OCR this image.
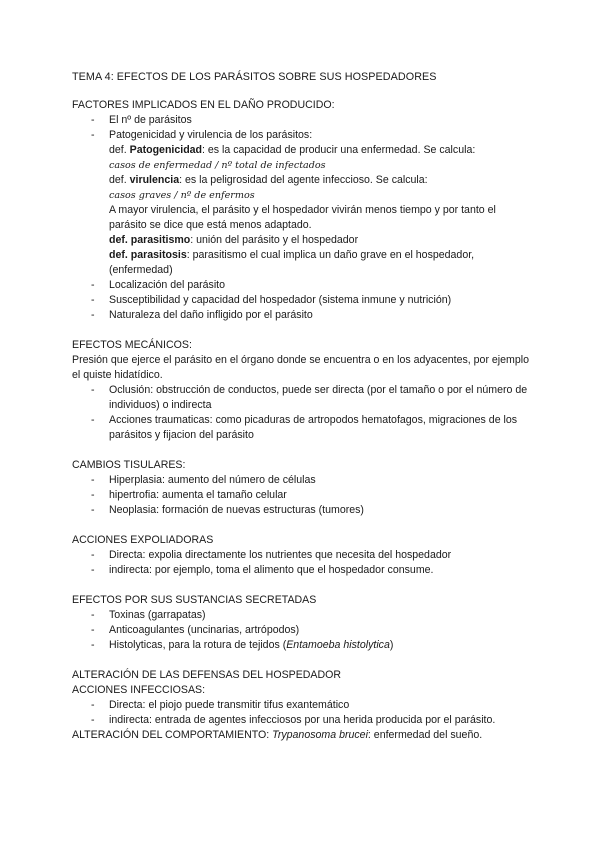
TEMA 4: EFECTOS DE LOS PARÁSITOS SOBRE SUS HOSPEDADORES

FACTORES IMPLICADOS EN EL DAÑO PRODUCIDO:

- El nº de parásitos
- Patogenicidad y virulencia de los parásitos:
def. Patogenicidad: es la capacidad de producir una enfermedad. Se calcula:
casos de enfermedad / nº total de infectados
def. virulencia: es la peligrosidad del agente infeccioso. Se calcula:
casos graves / nº de enfermos
A mayor virulencia, el parásito y el hospedador vivirán menos tiempo y por tanto el parásito se dice que está menos adaptado.
def. parasitismo: unión del parásito y el hospedador
def. parasitosis: parasitismo el cual implica un daño grave en el hospedador, (enfermedad)
- Localización del parásito
- Susceptibilidad y capacidad del hospedador (sistema inmune y nutrición)
- Naturaleza del daño infligido por el parásito

EFECTOS MECÁNICOS:

Presión que ejerce el parásito en el órgano donde se encuentra o en los adyacentes, por ejemplo el quiste hidatídico.

- Oclusión: obstrucción de conductos, puede ser directa (por el tamaño o por el número de individuos) o indirecta
- Acciones traumaticas: como picaduras de artropodos hematofagos, migraciones de los parásitos y fijacion del parásito

CAMBIOS TISULARES:

- Hiperplasia: aumento del número de células
- hipertrofia: aumenta el tamaño celular
- Neoplasia: formación de nuevas estructuras (tumores)

ACCIONES EXPOLIADORAS

- Directa: expolia directamente los nutrientes que necesita del hospedador
- indirecta: por ejemplo, toma el alimento que el hospedador consume.

EFECTOS POR SUS SUSTANCIAS SECRETADAS

- Toxinas (garrapatas)
- Anticoagulantes (uncinarias, artrópodos)
- Histolyticas, para la rotura de tejidos (Entamoeba histolytica)

ALTERACIÓN DE LAS DEFENSAS DEL HOSPEDADOR

ACCIONES INFECCIOSAS:

- Directa: el piojo puede transmitir tifus exantemático
- indirecta: entrada de agentes infecciosos por una herida producida por el parásito.

ALTERACIÓN DEL COMPORTAMIENTO: Trypanosoma brucei: enfermedad del sueño.
